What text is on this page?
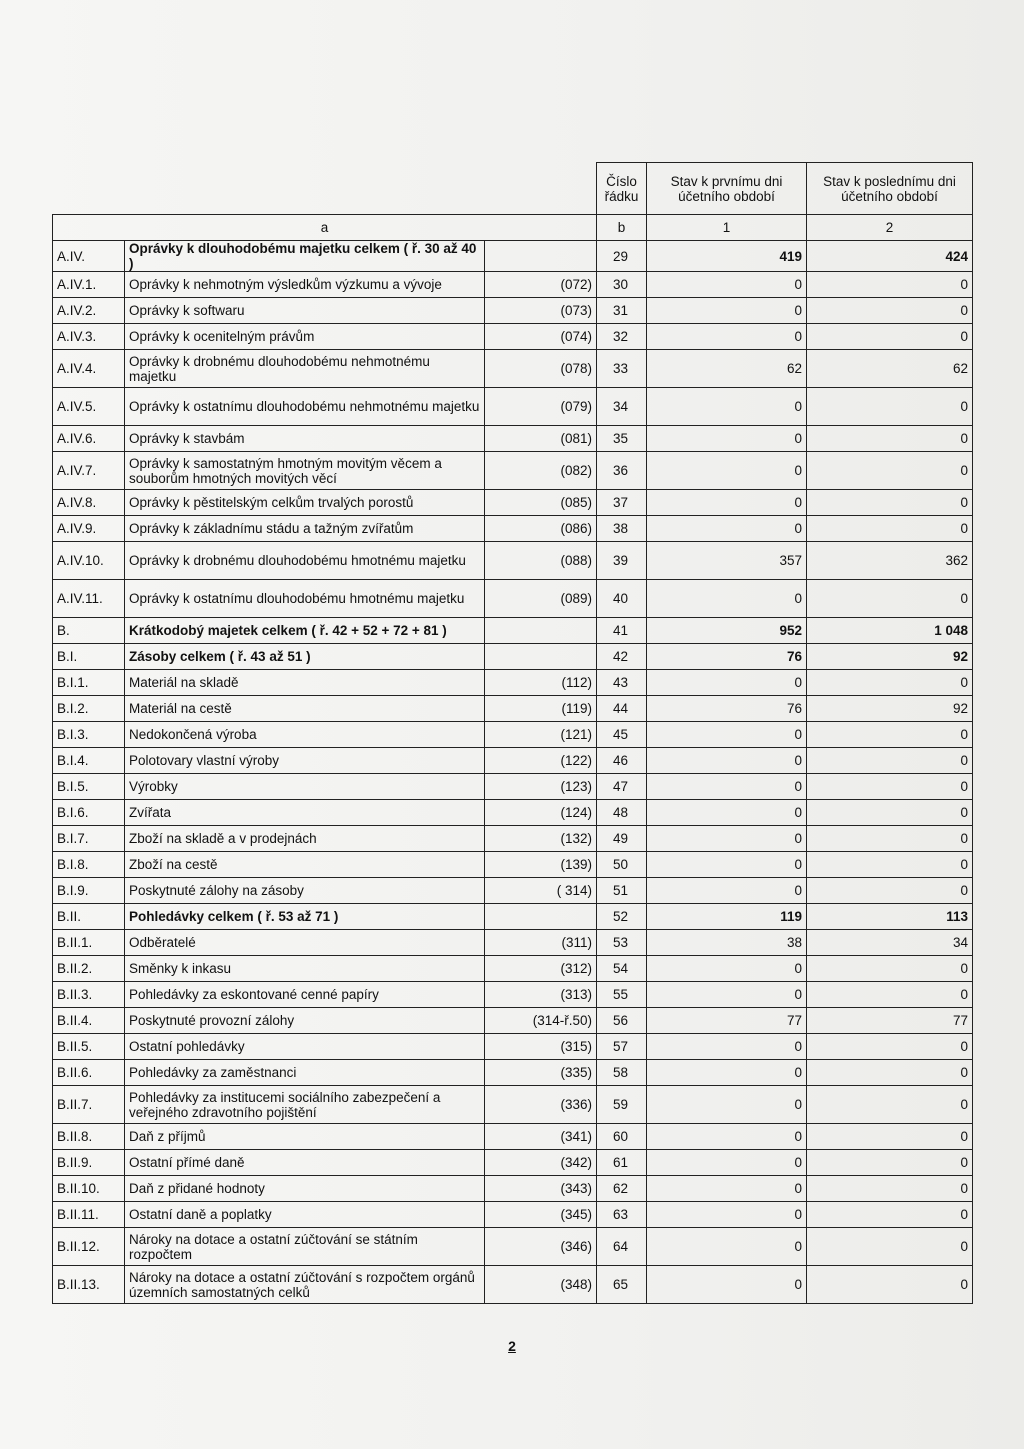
			Číslo řádku	Stav k prvnímu dni účetního období	Stav k poslednímu dni účetního období
a			b	1	2
A.IV.	Oprávky k dlouhodobému majetku celkem ( ř. 30 až 40 )		29	419	424
A.IV.1.	Oprávky k nehmotným výsledkům výzkumu a vývoje	(072)	30	0	0
A.IV.2.	Oprávky k softwaru	(073)	31	0	0
A.IV.3.	Oprávky k ocenitelným právům	(074)	32	0	0
A.IV.4.	Oprávky k drobnému dlouhodobému nehmotnému majetku	(078)	33	62	62
A.IV.5.	Oprávky k ostatnímu dlouhodobému nehmotnému majetku	(079)	34	0	0
A.IV.6.	Oprávky k stavbám	(081)	35	0	0
A.IV.7.	Oprávky k samostatným hmotným movitým věcem a souborům hmotných movitých věcí	(082)	36	0	0
A.IV.8.	Oprávky k pěstitelským celkům trvalých porostů	(085)	37	0	0
A.IV.9.	Oprávky k základnímu stádu a tažným zvířatům	(086)	38	0	0
A.IV.10.	Oprávky k drobnému dlouhodobému hmotnému majetku	(088)	39	357	362
A.IV.11.	Oprávky k ostatnímu dlouhodobému hmotnému majetku	(089)	40	0	0
B.	Krátkodobý majetek celkem ( ř. 42 + 52 + 72 + 81 )		41	952	1 048
B.I.	Zásoby celkem ( ř. 43 až 51 )		42	76	92
B.I.1.	Materiál na skladě	(112)	43	0	0
B.I.2.	Materiál na cestě	(119)	44	76	92
B.I.3.	Nedokončená výroba	(121)	45	0	0
B.I.4.	Polotovary vlastní výroby	(122)	46	0	0
B.I.5.	Výrobky	(123)	47	0	0
B.I.6.	Zvířata	(124)	48	0	0
B.I.7.	Zboží na skladě a v prodejnách	(132)	49	0	0
B.I.8.	Zboží na cestě	(139)	50	0	0
B.I.9.	Poskytnuté zálohy na zásoby	( 314)	51	0	0
B.II.	Pohledávky celkem ( ř. 53 až 71 )		52	119	113
B.II.1.	Odběratelé	(311)	53	38	34
B.II.2.	Směnky k inkasu	(312)	54	0	0
B.II.3.	Pohledávky za eskontované cenné papíry	(313)	55	0	0
B.II.4.	Poskytnuté provozní zálohy	(314-ř.50)	56	77	77
B.II.5.	Ostatní pohledávky	(315)	57	0	0
B.II.6.	Pohledávky za zaměstnanci	(335)	58	0	0
B.II.7.	Pohledávky za institucemi sociálního zabezpečení a veřejného zdravotního pojištění	(336)	59	0	0
B.II.8.	Daň z příjmů	(341)	60	0	0
B.II.9.	Ostatní přímé daně	(342)	61	0	0
B.II.10.	Daň z přidané hodnoty	(343)	62	0	0
B.II.11.	Ostatní daně a poplatky	(345)	63	0	0
B.II.12.	Nároky na dotace a ostatní zúčtování se státním rozpočtem	(346)	64	0	0
B.II.13.	Nároky na dotace a ostatní zúčtování s rozpočtem orgánů územních samostatných celků	(348)	65	0	0
2
